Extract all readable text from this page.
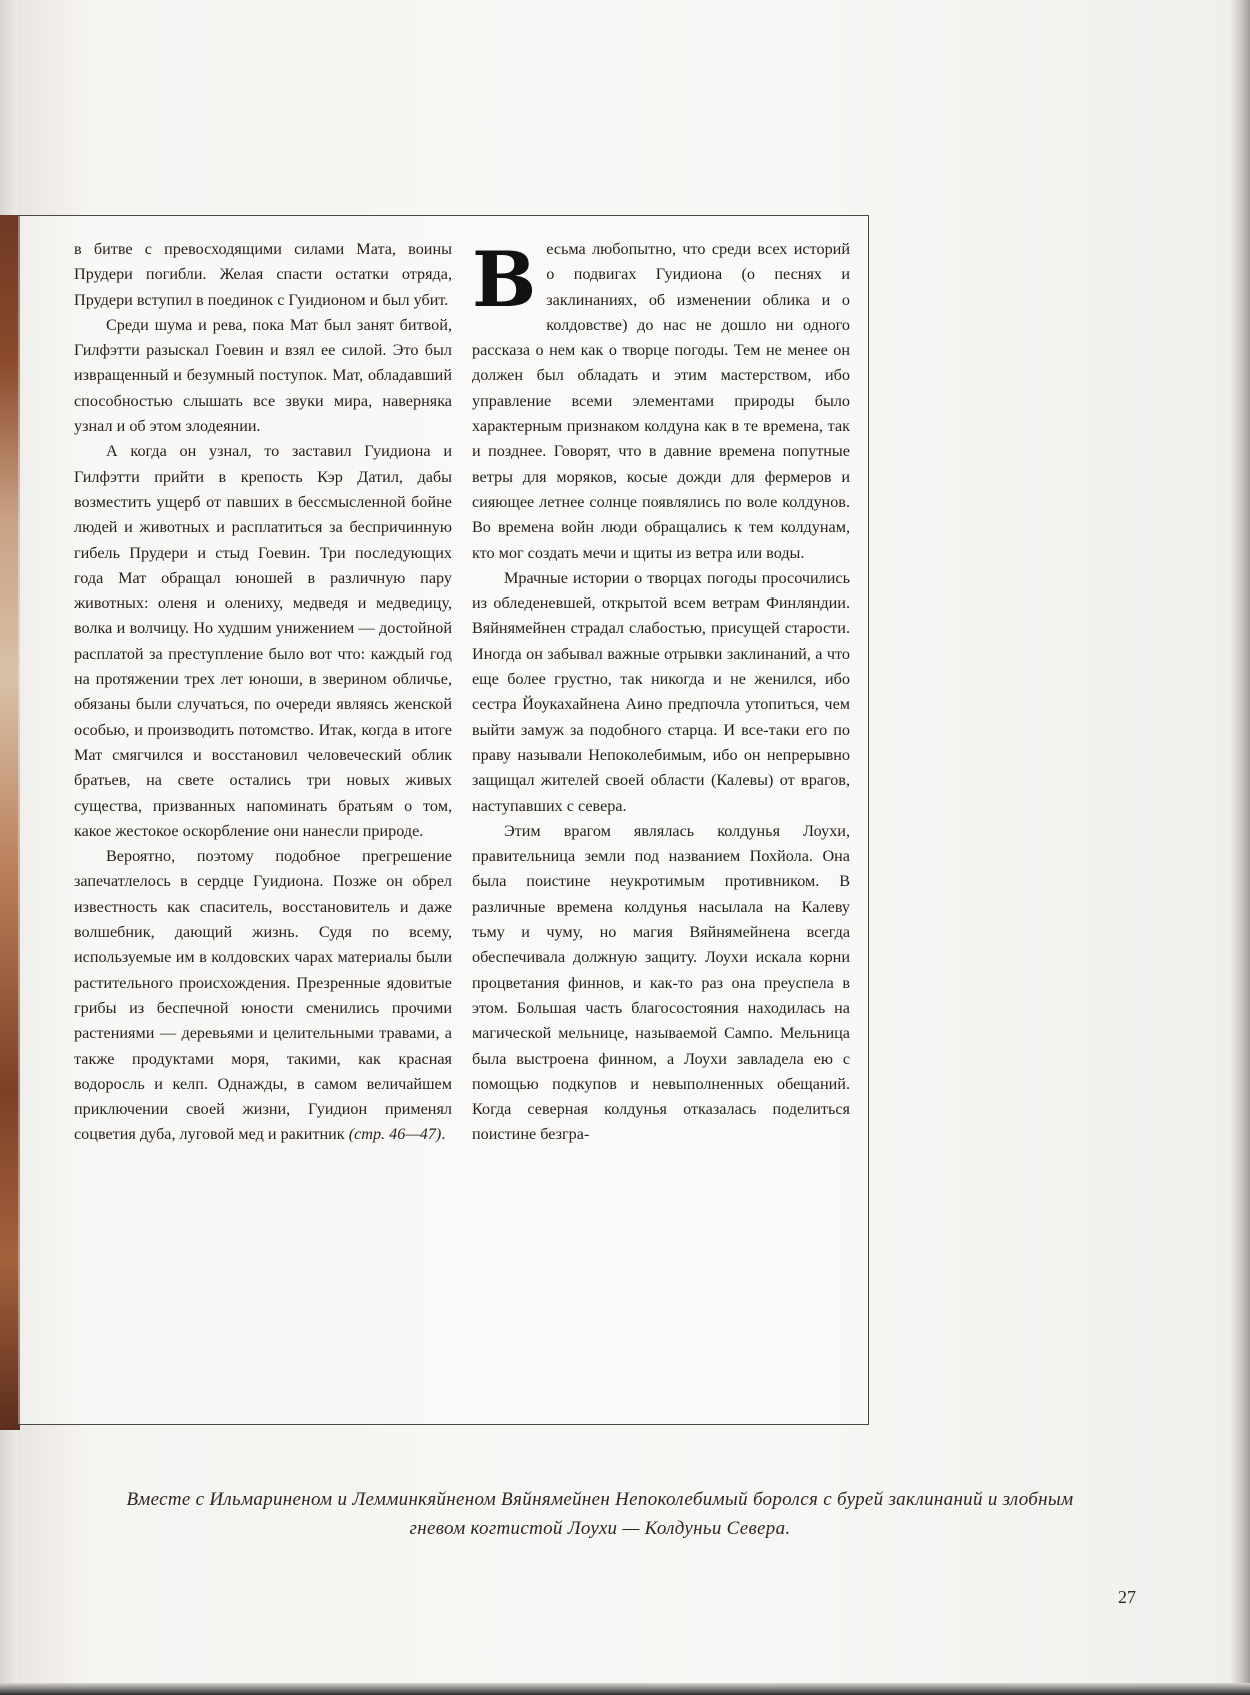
в битве с превосходящими силами Мата, воины Прудери погибли. Желая спасти остатки отряда, Прудери вступил в поединок с Гуидионом и был убит.

Среди шума и рева, пока Мат был занят битвой, Гилфэтти разыскал Гоевин и взял ее силой. Это был извращенный и безумный поступок. Мат, обладавший способностью слышать все звуки мира, наверняка узнал и об этом злодеянии.

А когда он узнал, то заставил Гуидиона и Гилфэтти прийти в крепость Кэр Датил, дабы возместить ущерб от павших в бессмысленной бойне людей и животных и расплатиться за беспричинную гибель Прудери и стыд Гоевин. Три последующих года Мат обращал юношей в различную пару животных: оленя и олениху, медведя и медведицу, волка и волчицу. Но худшим унижением — достойной расплатой за преступление было вот что: каждый год на протяжении трех лет юноши, в зверином обличье, обязаны были случаться, по очереди являясь женской особью, и производить потомство. Итак, когда в итоге Мат смягчился и восстановил человеческий облик братьев, на свете остались три новых живых существа, призванных напоминать братьям о том, какое жестокое оскорбление они нанесли природе.

Вероятно, поэтому подобное прегрешение запечатлелось в сердце Гуидиона. Позже он обрел известность как спаситель, восстановитель и даже волшебник, дающий жизнь. Судя по всему, используемые им в колдовских чарах материалы были растительного происхождения. Презренные ядовитые грибы из беспечной юности сменились прочими растениями — деревьями и целительными травами, а также продуктами моря, такими, как красная водоросль и келп. Однажды, в самом величайшем приключении своей жизни, Гуидион применял соцветия дуба, луговой мед и ракитник (стр. 46—47).

Весьма любопытно, что среди всех историй о подвигах Гуидиона (о песнях и заклинаниях, об изменении облика и о колдовстве) до нас не дошло ни одного рассказа о нем как о творце погоды. Тем не менее он должен был обладать и этим мастерством, ибо управление всеми элементами природы было характерным признаком колдуна как в те времена, так и позднее. Говорят, что в давние времена попутные ветры для моряков, косые дожди для фермеров и сияющее летнее солнце появлялись по воле колдунов. Во времена войн люди обращались к тем колдунам, кто мог создать мечи и щиты из ветра или воды.

Мрачные истории о творцах погоды просочились из обледеневшей, открытой всем ветрам Финляндии. Вяйнямейнен страдал слабостью, присущей старости. Иногда он забывал важные отрывки заклинаний, а что еще более грустно, так никогда и не женился, ибо сестра Йоукахайнена Аино предпочла утопиться, чем выйти замуж за подобного старца. И все-таки его по праву называли Непоколебимым, ибо он непрерывно защищал жителей своей области (Калевы) от врагов, наступавших с севера.

Этим врагом являлась колдунья Лоухи, правительница земли под названием Похйола. Она была поистине неукротимым противником. В различные времена колдунья насылала на Калеву тьму и чуму, но магия Вяйнямейнена всегда обеспечивала должную защиту. Лоухи искала корни процветания финнов, и как-то раз она преуспела в этом. Большая часть благосостояния находилась на магической мельнице, называемой Сампо. Мельница была выстроена финном, а Лоухи завладела ею с помощью подкупов и невыполненных обещаний. Когда северная колдунья отказалась поделиться поистине безгра-

Вместе с Ильмариненом и Лемминкяйненом Вяйнямейнен Непоколебимый боролся с бурей заклинаний и злобным гневом когтистой Лоухи — Колдуньи Севера.
27
